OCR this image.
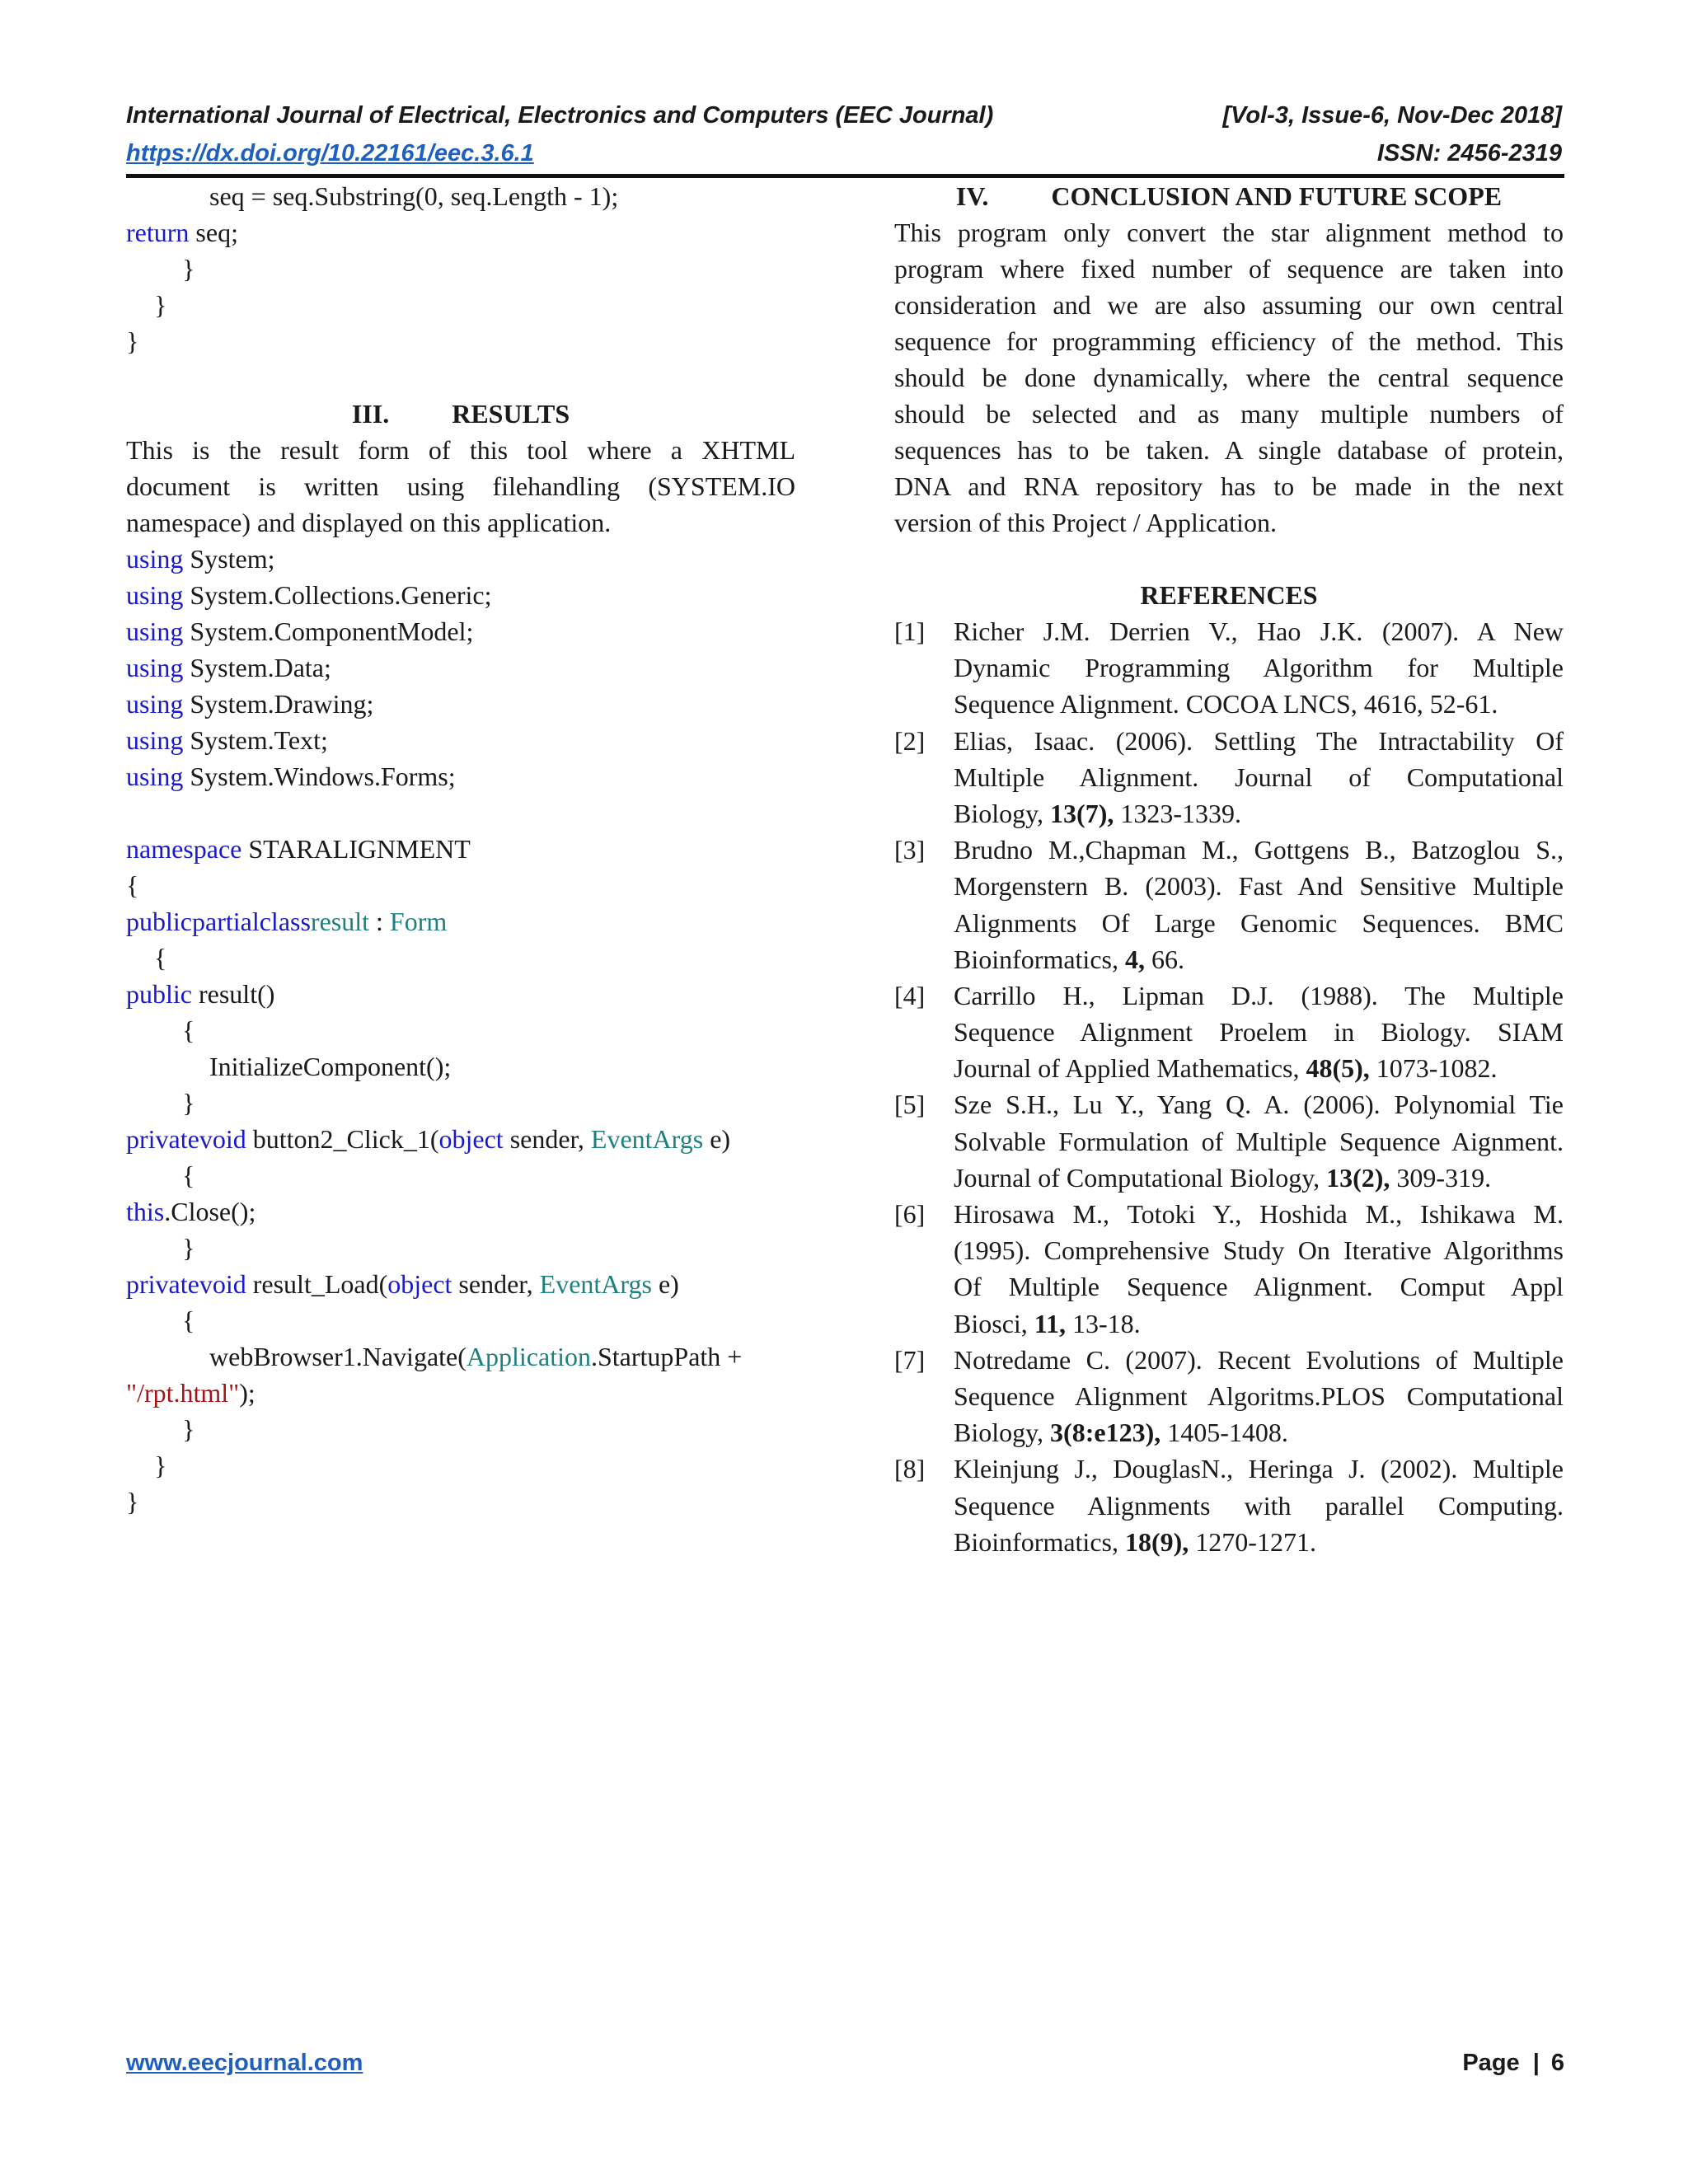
International Journal of Electrical, Electronics and Computers (EEC Journal)	[Vol-3, Issue-6, Nov-Dec 2018]
https://dx.doi.org/10.22161/eec.3.6.1	ISSN: 2456-2319
seq = seq.Substring(0, seq.Length - 1);
return seq;
}
}
}
III. RESULTS
This is the result form of this tool where a XHTML
document is written using filehandling (SYSTEM.IO
namespace) and displayed on this application.
using System;
using System.Collections.Generic;
using System.ComponentModel;
using System.Data;
using System.Drawing;
using System.Text;
using System.Windows.Forms;
namespace STARALIGNMENT
{
publicpartialclassresult : Form
{
public result()
{
InitializeComponent();
}
privatevoid button2_Click_1(object sender, EventArgs e)
{
this.Close();
}
privatevoid result_Load(object sender, EventArgs e)
{
webBrowser1.Navigate(Application.StartupPath +
"/rpt.html");
}
}
}
IV. CONCLUSION AND FUTURE SCOPE
This program only convert the star alignment method to
program where fixed number of sequence are taken into
consideration and we are also assuming our own central
sequence for programming efficiency of the method. This
should be done dynamically, where the central sequence
should be selected and as many multiple numbers of
sequences has to be taken. A single database of protein,
DNA and RNA repository has to be made in the next
version of this Project / Application.
REFERENCES
[1] Richer J.M. Derrien V., Hao J.K. (2007). A New
Dynamic Programming Algorithm for Multiple
Sequence Alignment. COCOA LNCS, 4616, 52-61.
[2] Elias, Isaac. (2006). Settling The Intractability Of
Multiple Alignment. Journal of Computational
Biology, 13(7), 1323-1339.
[3] Brudno M.,Chapman M., Gottgens B., Batzoglou S.,
Morgenstern B. (2003). Fast And Sensitive Multiple
Alignments Of Large Genomic Sequences. BMC
Bioinformatics, 4, 66.
[4] Carrillo H., Lipman D.J. (1988). The Multiple
Sequence Alignment Proelem in Biology. SIAM
Journal of Applied Mathematics, 48(5), 1073-1082.
[5] Sze S.H., Lu Y., Yang Q. A. (2006). Polynomial Tie
Solvable Formulation of Multiple Sequence Aignment.
Journal of Computational Biology, 13(2), 309-319.
[6] Hirosawa M., Totoki Y., Hoshida M., Ishikawa M.
(1995). Comprehensive Study On Iterative Algorithms
Of Multiple Sequence Alignment. Comput Appl
Biosci, 11, 13-18.
[7] Notredame C. (2007). Recent Evolutions of Multiple
Sequence Alignment Algoritms.PLOS Computational
Biology, 3(8:e123), 1405-1408.
[8] Kleinjung J., DouglasN., Heringa J. (2002). Multiple
Sequence Alignments with parallel Computing.
Bioinformatics, 18(9), 1270-1271.
www.eecjournal.com	Page | 6
